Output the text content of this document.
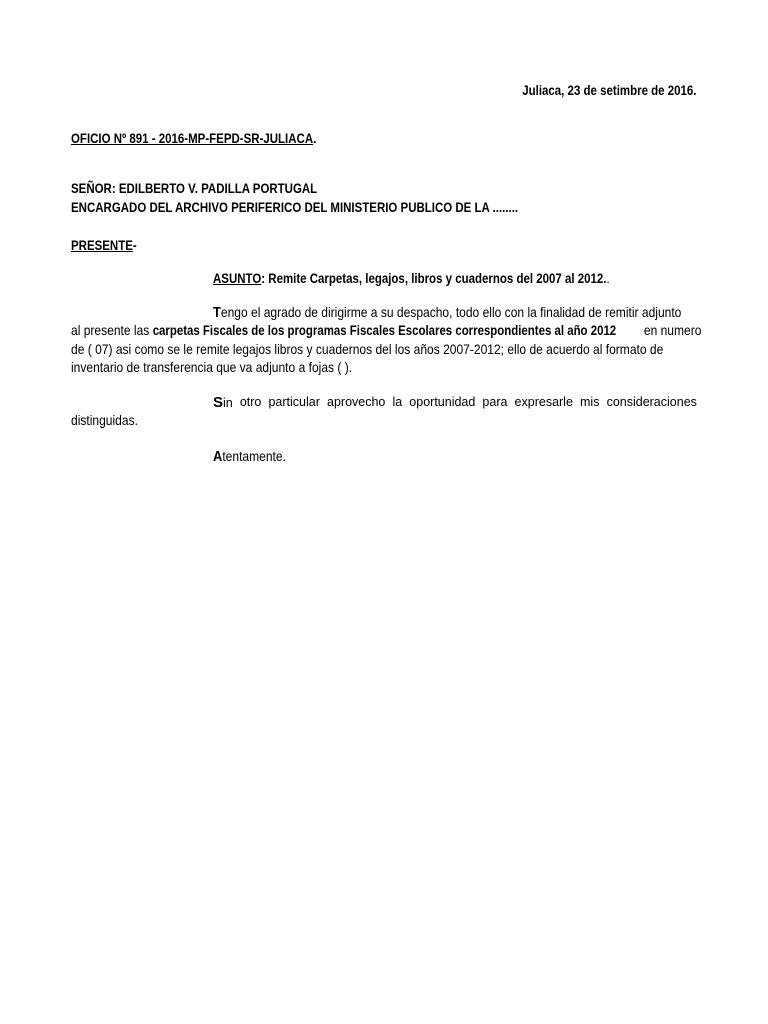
Juliaca, 23 de setimbre de 2016.
OFICIO Nº 891 - 2016-MP-FEPD-SR-JULIACA.
SEÑOR: EDILBERTO V. PADILLA PORTUGAL
ENCARGADO DEL ARCHIVO PERIFERICO DEL MINISTERIO PUBLICO DE LA ........
PRESENTE-
ASUNTO: Remite Carpetas, legajos, libros y cuadernos del 2007 al 2012..
Tengo el agrado de dirigirme a su despacho, todo ello con la finalidad de remitir adjunto
al presente las carpetas Fiscales de los programas Fiscales Escolares correspondientes al año 2012 en numero
de ( 07) asi como se le remite legajos libros y cuadernos del los años 2007-2012; ello de acuerdo al formato de
inventario de transferencia que va adjunto a fojas ( ).
Sin otro particular aprovecho la oportunidad para expresarle mis consideraciones
distinguidas.
Atentamente.
